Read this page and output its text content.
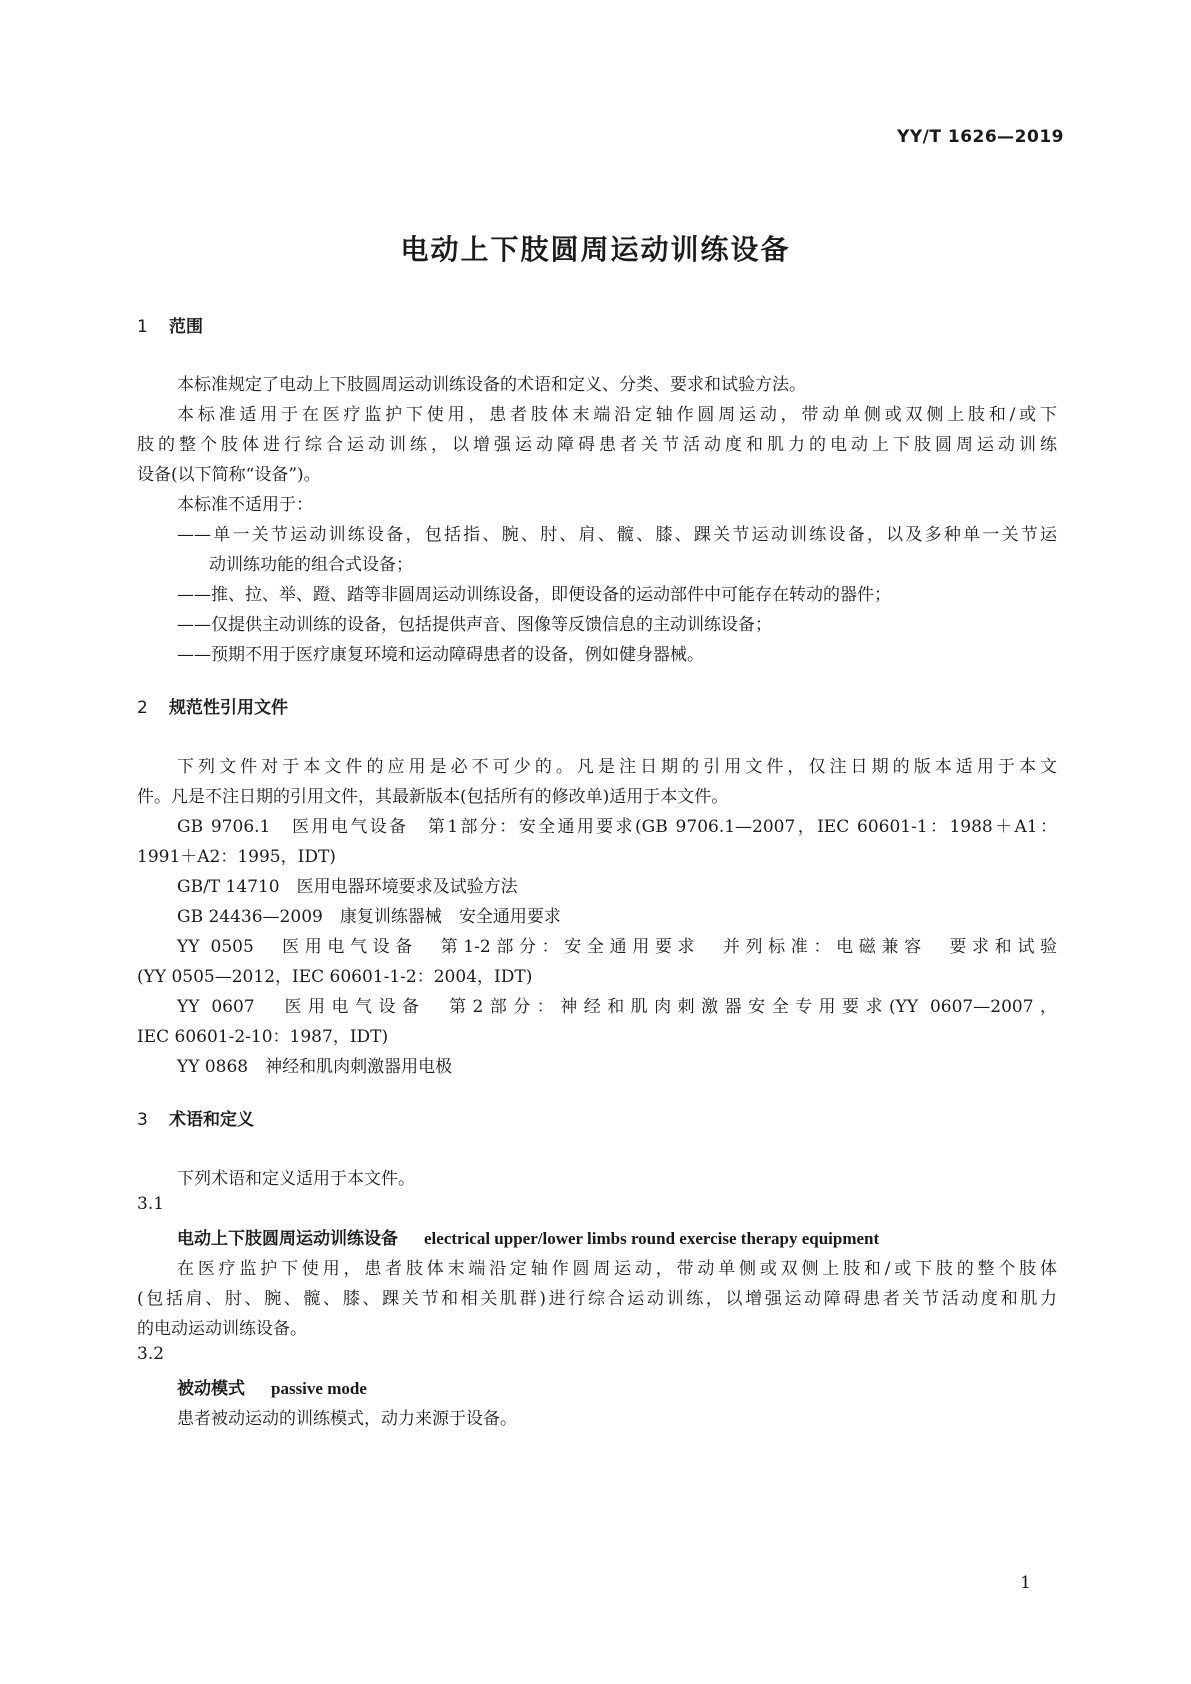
YY/T 1626—2019
电动上下肢圆周运动训练设备
1 范围
本标准规定了电动上下肢圆周运动训练设备的术语和定义、分类、要求和试验方法。
本标准适用于在医疗监护下使用，患者肢体末端沿定轴作圆周运动，带动单侧或双侧上肢和/或下
肢的整个肢体进行综合运动训练，以增强运动障碍患者关节活动度和肌力的电动上下肢圆周运动训练
设备(以下简称“设备”)。
本标准不适用于：
——单一关节运动训练设备，包括指、腕、肘、肩、髋、膝、踝关节运动训练设备，以及多种单一关节运
动训练功能的组合式设备；
——推、拉、举、蹬、踏等非圆周运动训练设备，即便设备的运动部件中可能存在转动的器件；
——仅提供主动训练的设备，包括提供声音、图像等反馈信息的主动训练设备；
——预期不用于医疗康复环境和运动障碍患者的设备，例如健身器械。
2 规范性引用文件
下列文件对于本文件的应用是必不可少的。凡是注日期的引用文件，仅注日期的版本适用于本文
件。凡是不注日期的引用文件，其最新版本(包括所有的修改单)适用于本文件。
GB 9706.1　医用电气设备　第1部分：安全通用要求(GB 9706.1—2007，IEC 60601-1：1988＋A1：
1991＋A2：1995，IDT)
GB/T 14710　医用电器环境要求及试验方法
GB 24436—2009　康复训练器械　安全通用要求
YY 0505　医用电气设备　第1-2部分：安全通用要求　并列标准：电磁兼容　要求和试验
(YY 0505—2012，IEC 60601-1-2：2004，IDT)
YY 0607　医用电气设备　第2部分：神经和肌肉刺激器安全专用要求(YY 0607—2007，
IEC 60601-2-10：1987，IDT)
YY 0868　神经和肌肉刺激器用电极
3 术语和定义
下列术语和定义适用于本文件。
3.1
电动上下肢圆周运动训练设备 electrical upper/lower limbs round exercise therapy equipment
在医疗监护下使用，患者肢体末端沿定轴作圆周运动，带动单侧或双侧上肢和/或下肢的整个肢体
(包括肩、肘、腕、髋、膝、踝关节和相关肌群)进行综合运动训练，以增强运动障碍患者关节活动度和肌力
的电动运动训练设备。
3.2
被动模式 passive mode
患者被动运动的训练模式，动力来源于设备。
1
